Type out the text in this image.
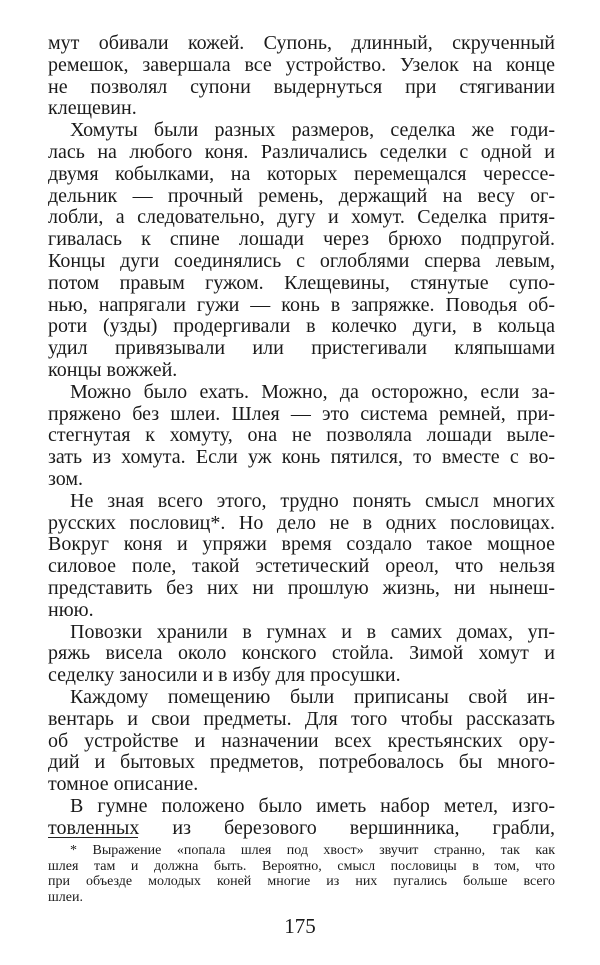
мут обивали кожей. Супонь, длинный, скрученный
ремешок, завершала все устройство. Узелок на конце
не позволял супони выдернуться при стягивании
клещевин.
Хомуты были разных размеров, седелка же годи-
лась на любого коня. Различались седелки с одной и
двумя кобылками, на которых перемещался черессе-
дельник — прочный ремень, держащий на весу ог-
лобли, а следовательно, дугу и хомут. Седелка притя-
гивалась к спине лошади через брюхо подпругой.
Концы дуги соединялись с оглоблями сперва левым,
потом правым гужом. Клещевины, стянутые супо-
нью, напрягали гужи — конь в запряжке. Поводья об-
роти (узды) продергивали в колечко дуги, в кольца
удил привязывали или пристегивали кляпышами
концы вожжей.
Можно было ехать. Можно, да осторожно, если за-
пряжено без шлеи. Шлея — это система ремней, при-
стегнутая к хомуту, она не позволяла лошади выле-
зать из хомута. Если уж конь пятился, то вместе с во-
зом.
Не зная всего этого, трудно понять смысл многих
русских пословиц*. Но дело не в одних пословицах.
Вокруг коня и упряжи время создало такое мощное
силовое поле, такой эстетический ореол, что нельзя
представить без них ни прошлую жизнь, ни нынеш-
нюю.
Повозки хранили в гумнах и в самих домах, уп-
ряжь висела около конского стойла. Зимой хомут и
седелку заносили и в избу для просушки.
Каждому помещению были приписаны свой ин-
вентарь и свои предметы. Для того чтобы рассказать
об устройстве и назначении всех крестьянских ору-
дий и бытовых предметов, потребовалось бы много-
томное описание.
В гумне положено было иметь набор метел, изго-
товленных из березового вершинника, грабли,
* Выражение «попала шлея под хвост» звучит странно, так как
шлея там и должна быть. Вероятно, смысл пословицы в том, что
при объезде молодых коней многие из них пугались больше всего
шлеи.
175
